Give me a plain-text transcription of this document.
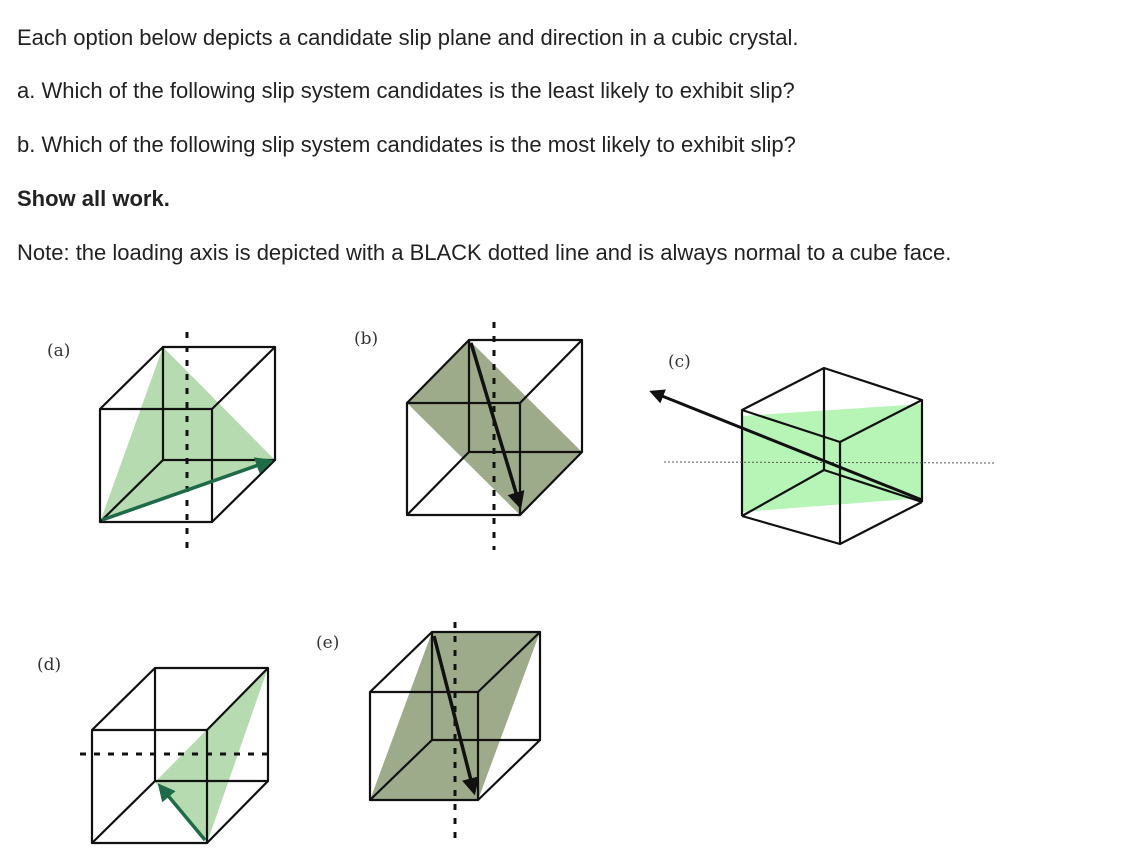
Each option below depicts a candidate slip plane and direction in a cubic crystal.

a. Which of the following slip system candidates is the least likely to exhibit slip?

b. Which of the following slip system candidates is the most likely to exhibit slip?

Show all work.

Note: the loading axis is depicted with a BLACK dotted line and is always normal to a cube face.

(a)
(b)
(c)
(d)
(e)
